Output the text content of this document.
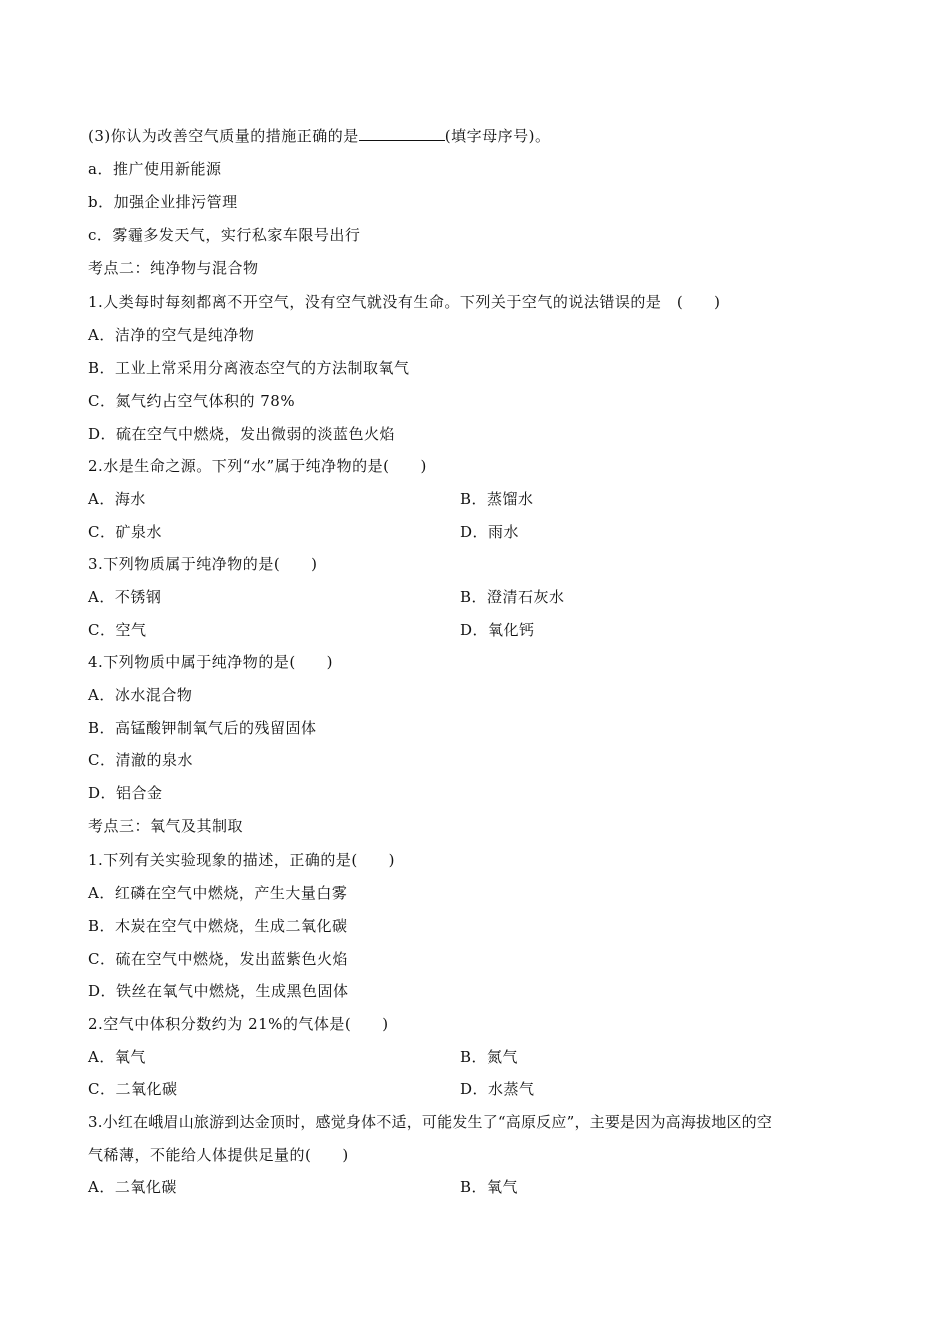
(3)你认为改善空气质量的措施正确的是	(填字母序号)。
a．推广使用新能源
b．加强企业排污管理
c．雾霾多发天气，实行私家车限号出行
考点二：纯净物与混合物
1.人类每时每刻都离不开空气，没有空气就没有生命。下列关于空气的说法错误的是　(　　)
A．洁净的空气是纯净物
B．工业上常采用分离液态空气的方法制取氧气
C．氮气约占空气体积的 78%
D．硫在空气中燃烧，发出微弱的淡蓝色火焰
2.水是生命之源。下列“水”属于纯净物的是(　　)
A．海水	B．蒸馏水
C．矿泉水	D．雨水
3.下列物质属于纯净物的是(　　)
A．不锈钢	B．澄清石灰水
C．空气	D．氧化钙
4.下列物质中属于纯净物的是(　　)
A．冰水混合物
B．高锰酸钾制氧气后的残留固体
C．清澈的泉水
D．铝合金
考点三：氧气及其制取
1.下列有关实验现象的描述，正确的是(　　)
A．红磷在空气中燃烧，产生大量白雾
B．木炭在空气中燃烧，生成二氧化碳
C．硫在空气中燃烧，发出蓝紫色火焰
D．铁丝在氧气中燃烧，生成黑色固体
2.空气中体积分数约为 21%的气体是(　　)
A．氧气	B．氮气
C．二氧化碳	D．水蒸气
3.小红在峨眉山旅游到达金顶时，感觉身体不适，可能发生了“高原反应”，主要是因为高海拔地区的空
气稀薄，不能给人体提供足量的(　　)
A．二氧化碳	B．氧气
